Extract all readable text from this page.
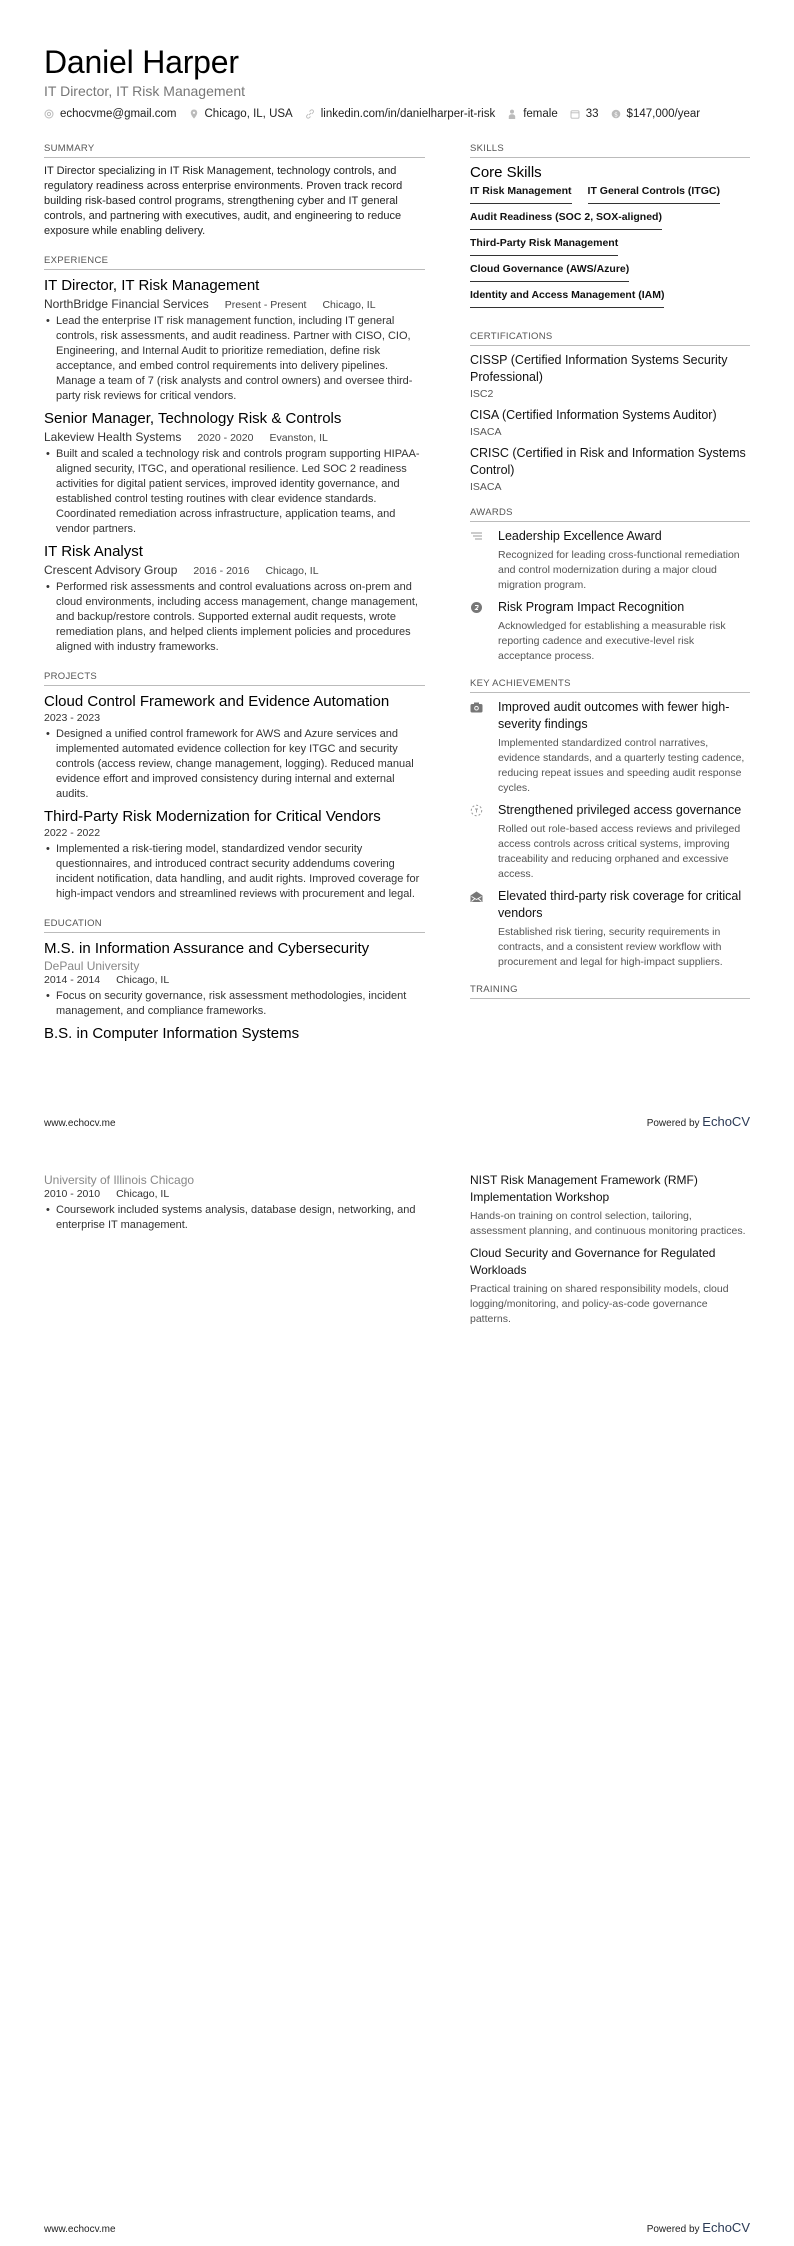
Daniel Harper
IT Director, IT Risk Management
echocvme@gmail.com Chicago, IL, USA linkedin.com/in/danielharper-it-risk female 33	$ $147,000/year
SUMMARY

IT Director specializing in IT Risk Management, technology controls, and regulatory readiness across enterprise environments. Proven track record building risk-based control programs, strengthening cyber and IT general controls, and partnering with executives, audit, and engineering to reduce exposure while enabling delivery.

EXPERIENCE
IT Director, IT Risk Management
NorthBridge Financial Services Present - Present Chicago, IL
• Lead the enterprise IT risk management function, including IT general controls, risk assessments, and audit readiness. Partner with CISO, CIO, Engineering, and Internal Audit to prioritize remediation, define risk acceptance, and embed control requirements into delivery pipelines. Manage a team of 7 (risk analysts and control owners) and oversee third-party risk reviews for critical vendors.
Senior Manager, Technology Risk & Controls
Lakeview Health Systems 2020 - 2020 Evanston, IL
• Built and scaled a technology risk and controls program supporting HIPAA-aligned security, ITGC, and operational resilience. Led SOC 2 readiness activities for digital patient services, improved identity governance, and established control testing routines with clear evidence standards. Coordinated remediation across infrastructure, application teams, and vendor partners.
IT Risk Analyst
Crescent Advisory Group 2016 - 2016 Chicago, IL
• Performed risk assessments and control evaluations across on-prem and cloud environments, including access management, change management, and backup/restore controls. Supported external audit requests, wrote remediation plans, and helped clients implement policies and procedures aligned with industry frameworks.
PROJECTS
Cloud Control Framework and Evidence Automation
2023 - 2023
• Designed a unified control framework for AWS and Azure services and implemented automated evidence collection for key ITGC and security controls (access review, change management, logging). Reduced manual evidence effort and improved consistency during internal and external audits.
Third-Party Risk Modernization for Critical Vendors
2022 - 2022
• Implemented a risk-tiering model, standardized vendor security questionnaires, and introduced contract security addendums covering incident notification, data handling, and audit rights. Improved coverage for high-impact vendors and streamlined reviews with procurement and legal.
EDUCATION
M.S. in Information Assurance and Cybersecurity
DePaul University
2014 - 2014 Chicago, IL
• Focus on security governance, risk assessment methodologies, incident management, and compliance frameworks.
B.S. in Computer Information Systems
SKILLS
Core Skills
IT Risk Management IT General Controls (ITGC)
Audit Readiness (SOC 2, SOX-aligned)
Third-Party Risk Management
Cloud Governance (AWS/Azure)
Identity and Access Management (IAM)
CERTIFICATIONS
CISSP (Certified Information Systems Security Professional)
ISC2
CISA (Certified Information Systems Auditor)
ISACA
CRISC (Certified in Risk and Information Systems Control)
ISACA
AWARDS
Leadership Excellence Award
Recognized for leading cross-functional remediation and control modernization during a major cloud migration program.
Risk Program Impact Recognition
Acknowledged for establishing a measurable risk reporting cadence and executive-level risk acceptance process.
KEY ACHIEVEMENTS
Improved audit outcomes with fewer high-severity findings
Implemented standardized control narratives, evidence standards, and a quarterly testing cadence, reducing repeat issues and speeding audit response cycles.
Strengthened privileged access governance
Rolled out role-based access reviews and privileged access controls across critical systems, improving traceability and reducing orphaned and excessive access.
Elevated third-party risk coverage for critical vendors
Established risk tiering, security requirements in contracts, and a consistent review workflow with procurement and legal for high-impact suppliers.
TRAINING
www.echocv.me	Powered by EchoCV
University of Illinois Chicago
2010 - 2010 Chicago, IL
• Coursework included systems analysis, database design, networking, and enterprise IT management.
NIST Risk Management Framework (RMF) Implementation Workshop
Hands-on training on control selection, tailoring, assessment planning, and continuous monitoring practices.
Cloud Security and Governance for Regulated Workloads
Practical training on shared responsibility models, cloud logging/monitoring, and policy-as-code governance patterns.
www.echocv.me	Powered by EchoCV
